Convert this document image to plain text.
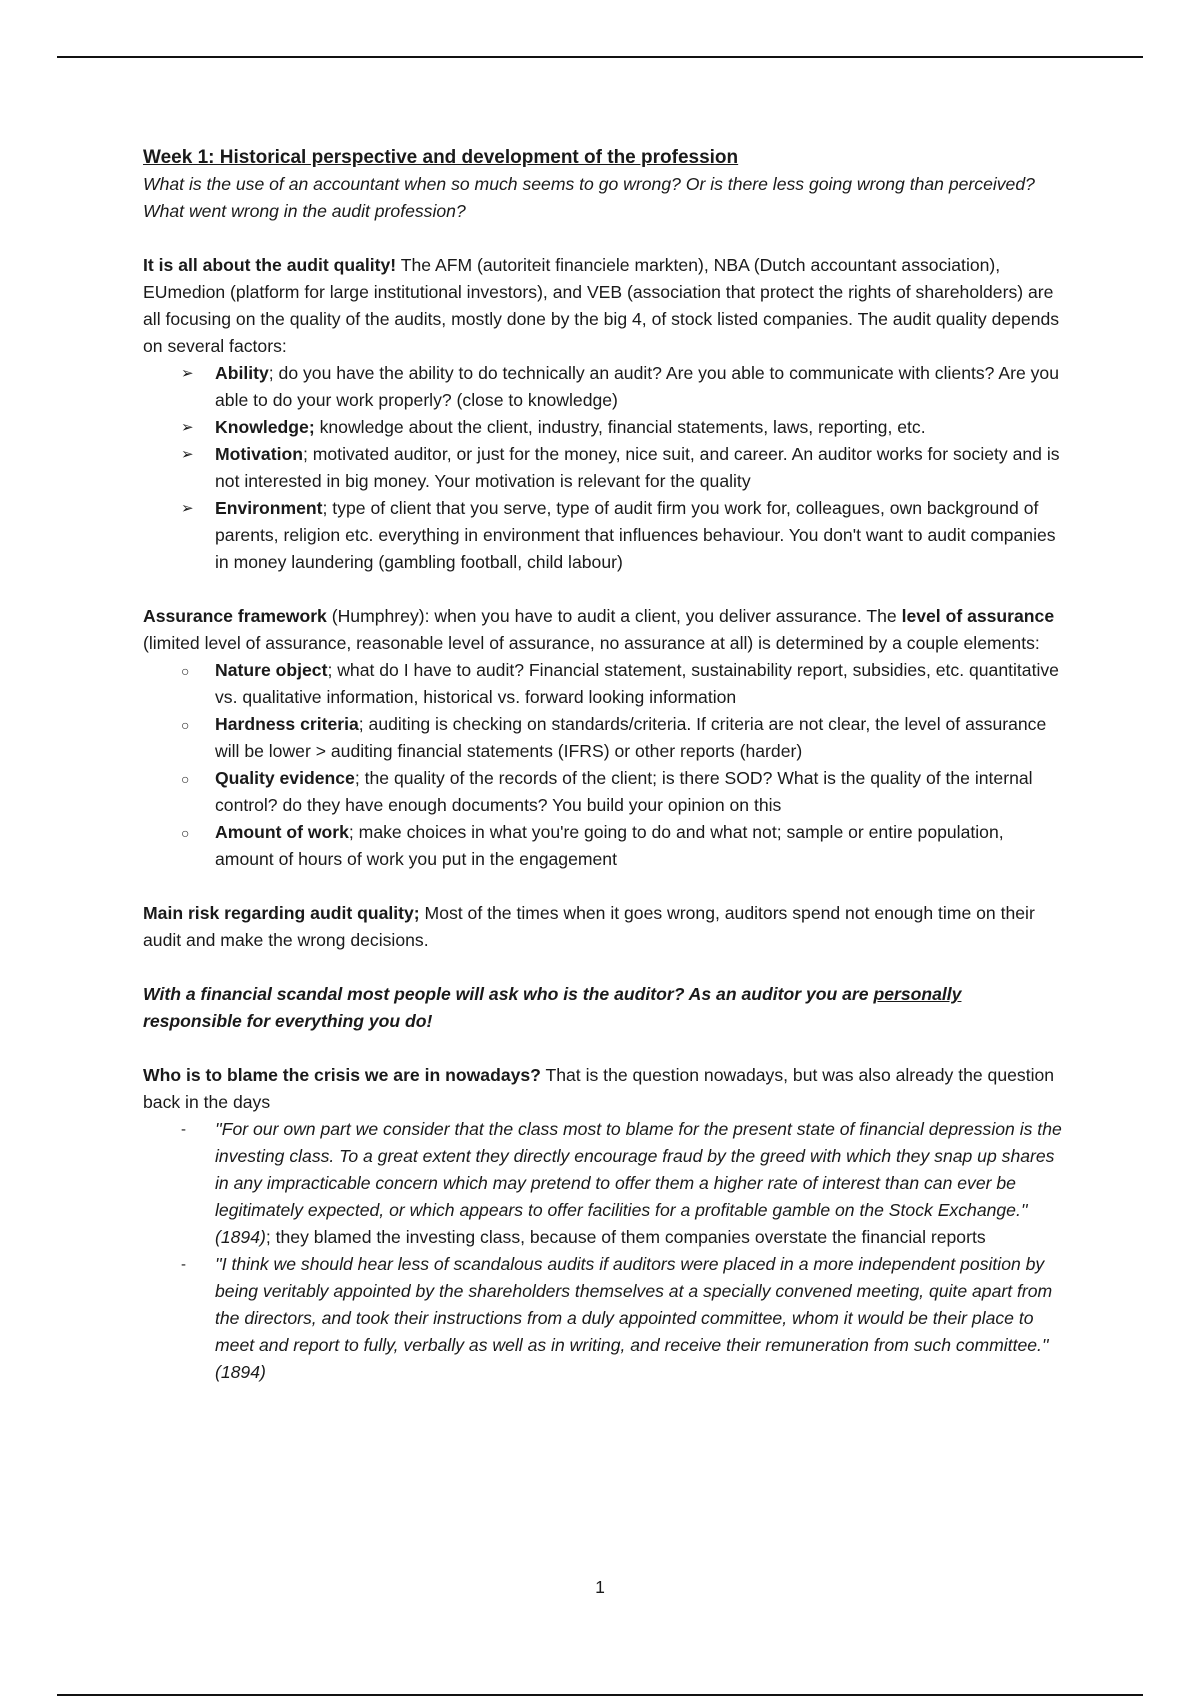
Week 1: Historical perspective and development of the profession

What is the use of an accountant when so much seems to go wrong? Or is there less going wrong than perceived? What went wrong in the audit profession?

It is all about the audit quality! The AFM (autoriteit financiele markten), NBA (Dutch accountant association), EUmedion (platform for large institutional investors), and VEB (association that protect the rights of shareholders) are all focusing on the quality of the audits, mostly done by the big 4, of stock listed companies. The audit quality depends on several factors:

➢	Ability; do you have the ability to do technically an audit? Are you able to communicate with clients? Are you able to do your work properly? (close to knowledge)
➢	Knowledge; knowledge about the client, industry, financial statements, laws, reporting, etc.
➢	Motivation; motivated auditor, or just for the money, nice suit, and career. An auditor works for society and is not interested in big money. Your motivation is relevant for the quality
➢	Environment; type of client that you serve, type of audit firm you work for, colleagues, own background of parents, religion etc. everything in environment that influences behaviour. You don't want to audit companies in money laundering (gambling football, child labour)

Assurance framework (Humphrey): when you have to audit a client, you deliver assurance. The level of assurance (limited level of assurance, reasonable level of assurance, no assurance at all) is determined by a couple elements:

○	Nature object; what do I have to audit? Financial statement, sustainability report, subsidies, etc. quantitative vs. qualitative information, historical vs. forward looking information
○	Hardness criteria; auditing is checking on standards/criteria. If criteria are not clear, the level of assurance will be lower > auditing financial statements (IFRS) or other reports (harder)
○	Quality evidence; the quality of the records of the client; is there SOD? What is the quality of the internal control? do they have enough documents? You build your opinion on this
○	Amount of work; make choices in what you're going to do and what not; sample or entire population, amount of hours of work you put in the engagement

Main risk regarding audit quality; Most of the times when it goes wrong, auditors spend not enough time on their audit and make the wrong decisions.

With a financial scandal most people will ask who is the auditor? As an auditor you are personally responsible for everything you do!

Who is to blame the crisis we are in nowadays? That is the question nowadays, but was also already the question back in the days

-	''For our own part we consider that the class most to blame for the present state of financial depression is the investing class. To a great extent they directly encourage fraud by the greed with which they snap up shares in any impracticable concern which may pretend to offer them a higher rate of interest than can ever be legitimately expected, or which appears to offer facilities for a profitable gamble on the Stock Exchange.'' (1894); they blamed the investing class, because of them companies overstate the financial reports
-	''I think we should hear less of scandalous audits if auditors were placed in a more independent position by being veritably appointed by the shareholders themselves at a specially convened meeting, quite apart from the directors, and took their instructions from a duly appointed committee, whom it would be their place to meet and report to fully, verbally as well as in writing, and receive their remuneration from such committee.'' (1894)
1
